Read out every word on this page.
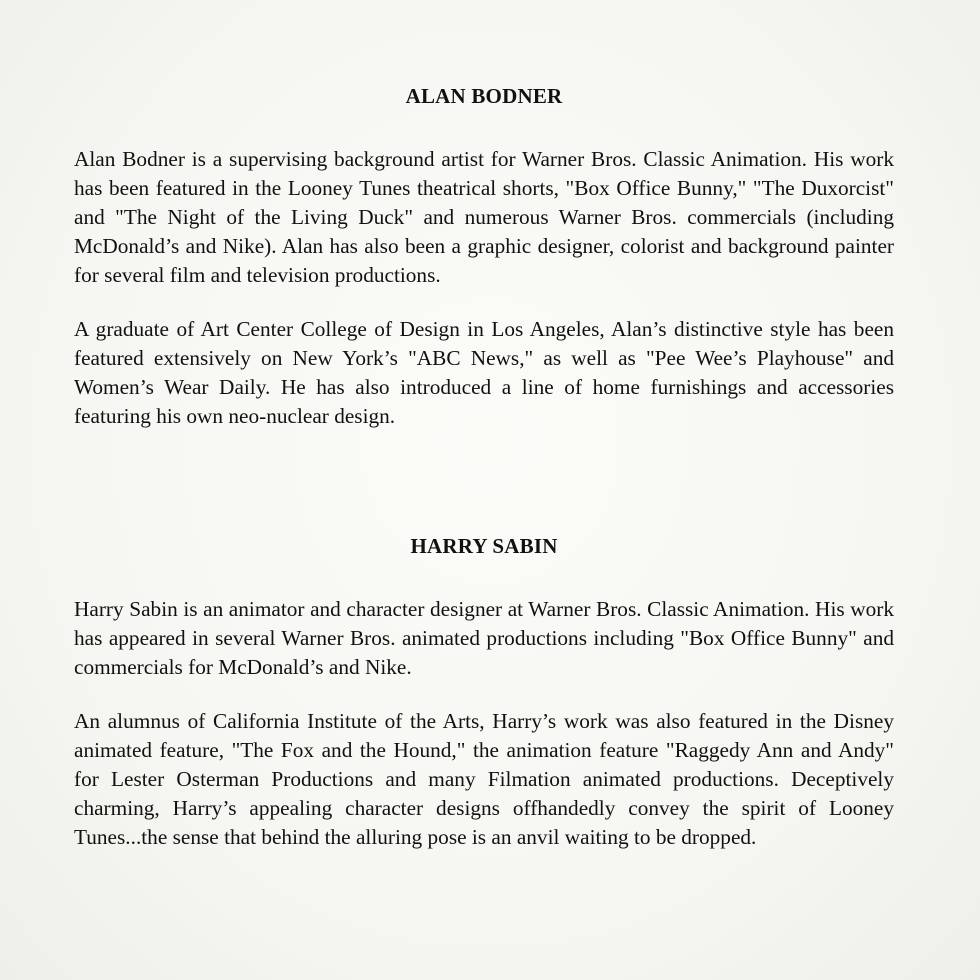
ALAN BODNER

Alan Bodner is a supervising background artist for Warner Bros. Classic Animation. His work has been featured in the Looney Tunes theatrical shorts, "Box Office Bunny," "The Duxorcist" and "The Night of the Living Duck" and numerous Warner Bros. commercials (including McDonald’s and Nike). Alan has also been a graphic designer, colorist and background painter for several film and television productions.

A graduate of Art Center College of Design in Los Angeles, Alan’s distinctive style has been featured extensively on New York’s "ABC News," as well as "Pee Wee’s Playhouse" and Women’s Wear Daily. He has also introduced a line of home furnishings and accessories featuring his own neo-nuclear design.

HARRY SABIN

Harry Sabin is an animator and character designer at Warner Bros. Classic Animation. His work has appeared in several Warner Bros. animated productions including "Box Office Bunny" and commercials for McDonald’s and Nike.

An alumnus of California Institute of the Arts, Harry’s work was also featured in the Disney animated feature, "The Fox and the Hound," the animation feature "Raggedy Ann and Andy" for Lester Osterman Productions and many Filmation animated productions. Deceptively charming, Harry’s appealing character designs offhandedly convey the spirit of Looney Tunes...the sense that behind the alluring pose is an anvil waiting to be dropped.
